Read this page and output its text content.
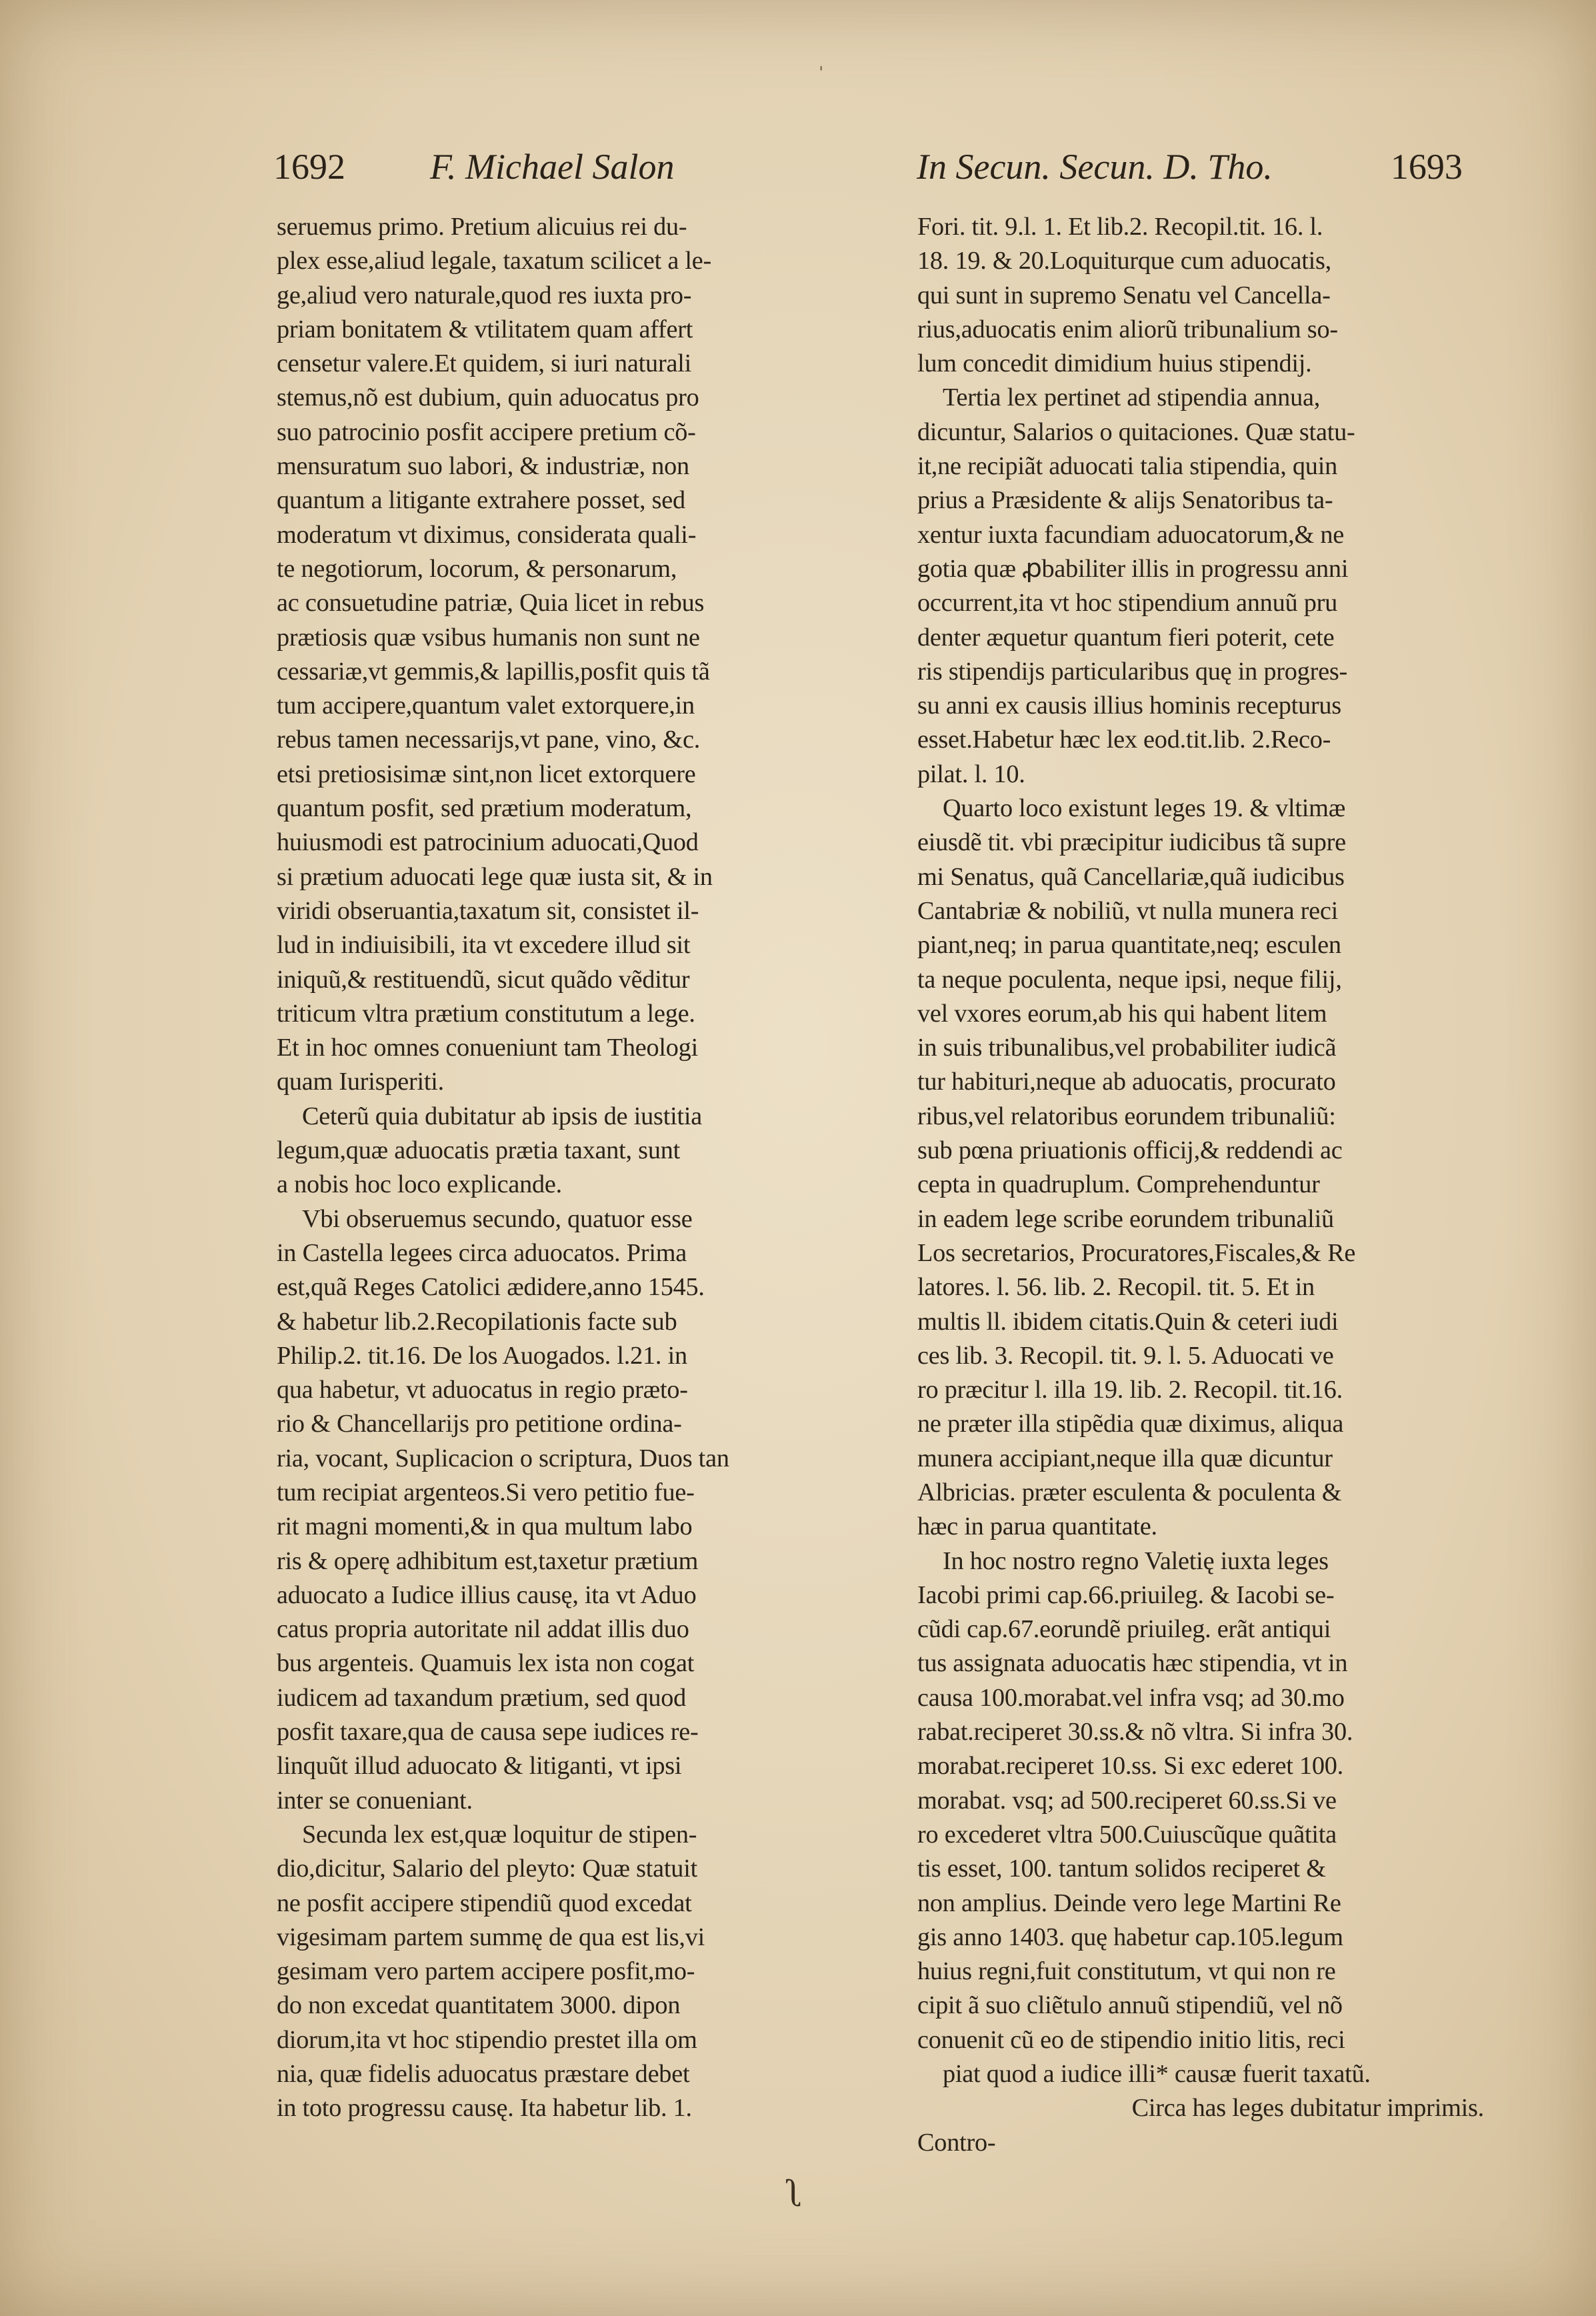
1692 F. Michael Salon	In Secun. Secun. D. Tho.	1693
seruemus primo. Pretium alicuius rei du-
plex esse,aliud legale, taxatum scilicet a le-
ge,aliud vero naturale,quod res iuxta pro-
priam bonitatem & vtilitatem quam affert
censetur valere.Et quidem, si iuri naturali
stemus,nõ est dubium, quin aduocatus pro
suo patrocinio posfit accipere pretium cõ-
mensuratum suo labori, & industriæ, non
quantum a litigante extrahere posset, sed
moderatum vt diximus, considerata quali-
te negotiorum, locorum, & personarum,
ac consuetudine patriæ, Quia licet in rebus
prætiosis quæ vsibus humanis non sunt ne
cessariæ,vt gemmis,& lapillis,posfit quis tã
tum accipere,quantum valet extorquere,in
rebus tamen necessarijs,vt pane, vino, &c.
etsi pretiosisimæ sint,non licet extorquere
quantum posfit, sed prætium moderatum,
huiusmodi est patrocinium aduocati,Quod
si prætium aduocati lege quæ iusta sit, & in
viridi obseruantia,taxatum sit, consistet il-
lud in indiuisibili, ita vt excedere illud sit
iniquũ,& restituendũ, sicut quãdo vẽditur
triticum vltra prætium constitutum a lege.
Et in hoc omnes conueniunt tam Theologi
quam Iurisperiti.
Ceterũ quia dubitatur ab ipsis de iustitia
legum,quæ aduocatis prætia taxant, sunt
a nobis hoc loco explicande.
Vbi obseruemus secundo, quatuor esse
in Castella legees circa aduocatos. Prima
est,quã Reges Catolici ædidere,anno 1545.
& habetur lib.2.Recopilationis facte sub
Philip.2. tit.16. De los Auogados. l.21. in
qua habetur, vt aduocatus in regio præto-
rio & Chancellarijs pro petitione ordina-
ria, vocant, Suplicacion o scriptura, Duos tan
tum recipiat argenteos.Si vero petitio fue-
rit magni momenti,& in qua multum labo
ris & operę adhibitum est,taxetur prætium
aduocato a Iudice illius causę, ita vt Aduo
catus propria autoritate nil addat illis duo
bus argenteis. Quamuis lex ista non cogat
iudicem ad taxandum prætium, sed quod
posfit taxare,qua de causa sepe iudices re-
linquũt illud aduocato & litiganti, vt ipsi
inter se conueniant.
Secunda lex est,quæ loquitur de stipen-
dio,dicitur, Salario del pleyto: Quæ statuit
ne posfit accipere stipendiũ quod excedat
vigesimam partem summę de qua est lis,vi
gesimam vero partem accipere posfit,mo-
do non excedat quantitatem 3000. dipon
diorum,ita vt hoc stipendio prestet illa om
nia, quæ fidelis aduocatus præstare debet
in toto progressu causę. Ita habetur lib. 1.
Fori. tit. 9.l. 1. Et lib.2. Recopil.tit. 16. l.
18. 19. & 20.Loquiturque cum aduocatis,
qui sunt in supremo Senatu vel Cancella-
rius,aduocatis enim aliorũ tribunalium so-
lum concedit dimidium huius stipendij.
Tertia lex pertinet ad stipendia annua,
dicuntur, Salarios o quitaciones. Quæ statu-
it,ne recipiãt aduocati talia stipendia, quin
prius a Præsidente & alijs Senatoribus ta-
xentur iuxta facundiam aduocatorum,& ne
gotia quæ ꝓbabiliter illis in progressu anni
occurrent,ita vt hoc stipendium annuũ pru
denter æquetur quantum fieri poterit, cete
ris stipendijs particularibus quę in progres-
su anni ex causis illius hominis recepturus
esset.Habetur hæc lex eod.tit.lib. 2.Reco-
pilat. l. 10.
Quarto loco existunt leges 19. & vltimæ
eiusdẽ tit. vbi præcipitur iudicibus tã supre
mi Senatus, quã Cancellariæ,quã iudicibus
Cantabriæ & nobiliũ, vt nulla munera reci
piant,neq; in parua quantitate,neq; esculen
ta neque poculenta, neque ipsi, neque filij,
vel vxores eorum,ab his qui habent litem
in suis tribunalibus,vel probabiliter iudicã
tur habituri,neque ab aduocatis, procurato
ribus,vel relatoribus eorundem tribunaliũ:
sub pœna priuationis officij,& reddendi ac
cepta in quadruplum. Comprehenduntur
in eadem lege scribe eorundem tribunaliũ
Los secretarios, Procuratores,Fiscales,& Re
latores. l. 56. lib. 2. Recopil. tit. 5. Et in
multis ll. ibidem citatis.Quin & ceteri iudi
ces lib. 3. Recopil. tit. 9. l. 5. Aduocati ve
ro præcitur l. illa 19. lib. 2. Recopil. tit.16.
ne præter illa stipẽdia quæ diximus, aliqua
munera accipiant,neque illa quæ dicuntur
Albricias. præter esculenta & poculenta &
hæc in parua quantitate.
In hoc nostro regno Valetię iuxta leges
Iacobi primi cap.66.priuileg. & Iacobi se-
cũdi cap.67.eorundẽ priuileg. erãt antiqui
tus assignata aduocatis hæc stipendia, vt in
causa 100.morabat.vel infra vsq; ad 30.mo
rabat.reciperet 30.ss.& nõ vltra. Si infra 30.
morabat.reciperet 10.ss. Si exc ederet 100.
morabat. vsq; ad 500.reciperet 60.ss.Si ve
ro excederet vltra 500.Cuiuscũque quãtita
tis esset, 100. tantum solidos reciperet &
non amplius. Deinde vero lege Martini Re
gis anno 1403. quę habetur cap.105.legum
huius regni,fuit constitutum, vt qui non re
cipit ã suo cliẽtulo annuũ stipendiũ, vel nõ
conuenit cũ eo de stipendio initio litis, reci
piat quod a iudice illi* causæ fuerit taxatũ.
Circa has leges dubitatur imprimis.
Contro-
ʅ
ˈ
